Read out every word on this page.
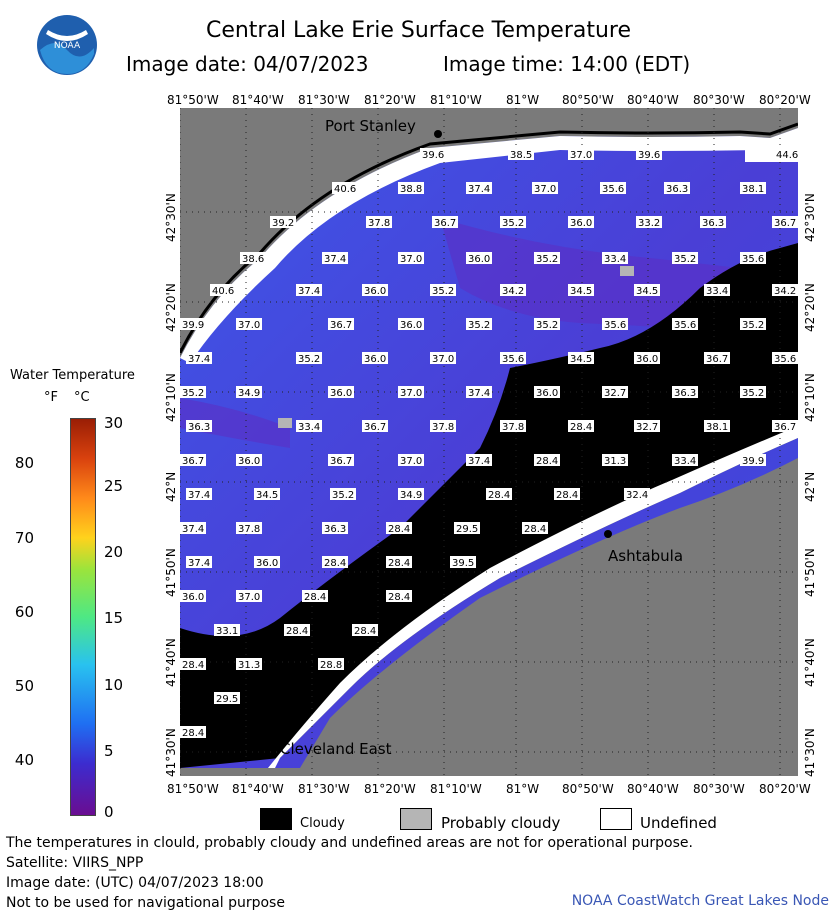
NOAA
Central Lake Erie Surface Temperature
Image date: 04/07/2023	Image time: 14:00 (EDT)
81°50'W 81°40'W 81°30'W 81°20'W 81°10'W 81°W 80°50'W 80°40'W 80°30'W 80°20'W
81°50'W 81°40'W 81°30'W 81°20'W 81°10'W 81°W 80°50'W 80°40'W 80°30'W 80°20'W
42°30'N
42°20'N
42°10'N
42°N
41°50'N
41°40'N
41°30'N
42°30'N
42°20'N
42°10'N
42°N
41°50'N
41°40'N
41°30'N
Port Stanley
Ashtabula
Cleveland East
39.6	38.5	37.0	39.6	44.6
40.6	38.8	37.4	37.0	35.6	36.3	38.1
39.2	37.8	36.7	35.2	36.0	33.2	36.3	36.7
38.6	37.4	37.0	36.0	35.2	33.4	35.2	35.6
40.6	37.4	36.0	35.2	34.2	34.5	34.5	33.4	34.2
39.9	37.0	36.7	36.0	35.2	35.2	35.6	35.6	35.2
37.4	35.2	36.0	37.0	35.6	34.5	36.0	36.7	35.6
35.2	34.9	36.0	37.0	37.4	36.0	32.7	36.3	35.2
36.3	33.4	36.7	37.8	37.8	28.4	32.7	38.1	36.7
36.7	36.0	36.7	37.0	37.4	28.4	31.3	33.4	39.9
37.4	34.5	35.2	34.9	28.4	28.4	32.4
37.4	37.8	36.3	28.4	29.5	28.4
37.4	36.0	28.4	28.4	39.5
36.0	37.0	28.4	28.4
33.1	28.4	28.4
28.4	31.3	28.8
29.5
28.4
Water Temperature
°F °C
80
70
60
50
40
30
25
20
15
10
5
0
Cloudy	Probably cloudy	Undefined
The temperatures in clould, probably cloudy and undefined areas are not for operational purpose.
Satellite: VIIRS_NPP
Image date: (UTC) 04/07/2023 18:00
Not to be used for navigational purpose	NOAA CoastWatch Great Lakes Node
